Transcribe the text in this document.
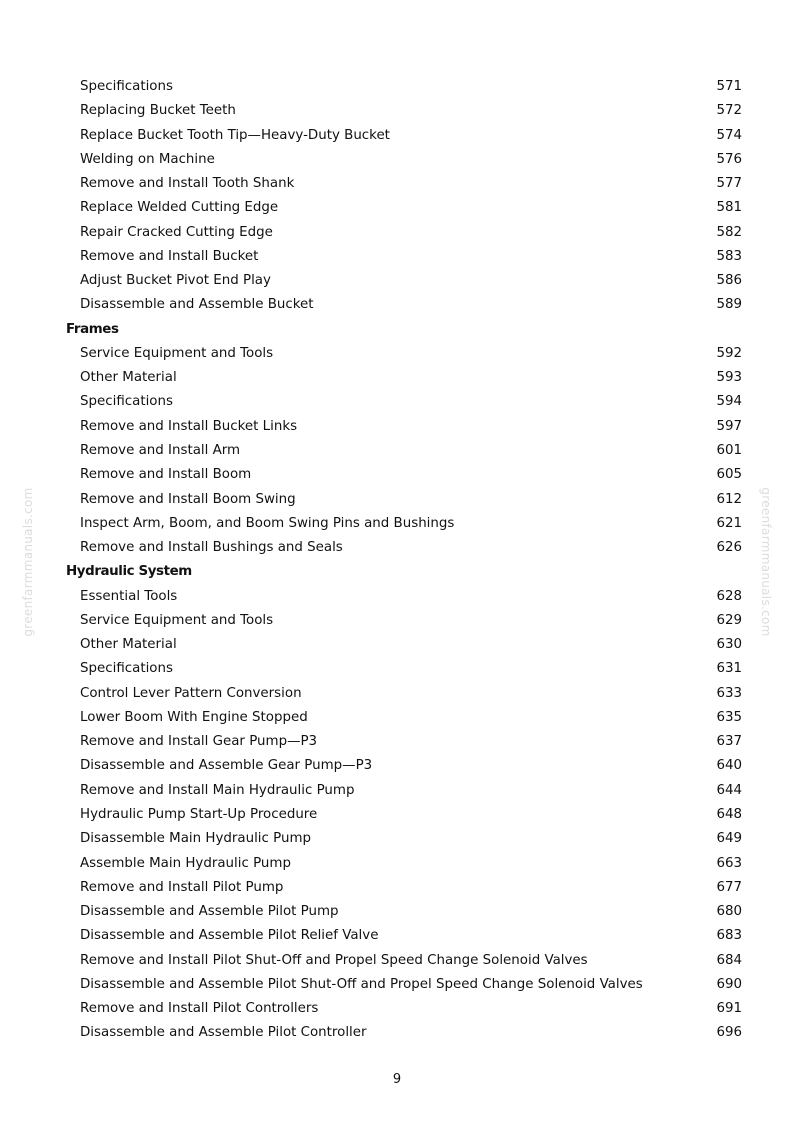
greenfarmmanuals.com	greenfarmmanuals.com
Specifications	571
Replacing Bucket Teeth	572
Replace Bucket Tooth Tip—Heavy-Duty Bucket	574
Welding on Machine	576
Remove and Install Tooth Shank	577
Replace Welded Cutting Edge	581
Repair Cracked Cutting Edge	582
Remove and Install Bucket	583
Adjust Bucket Pivot End Play	586
Disassemble and Assemble Bucket	589
Frames
Service Equipment and Tools	592
Other Material	593
Specifications	594
Remove and Install Bucket Links	597
Remove and Install Arm	601
Remove and Install Boom	605
Remove and Install Boom Swing	612
Inspect Arm, Boom, and Boom Swing Pins and Bushings	621
Remove and Install Bushings and Seals	626
Hydraulic System
Essential Tools	628
Service Equipment and Tools	629
Other Material	630
Specifications	631
Control Lever Pattern Conversion	633
Lower Boom With Engine Stopped	635
Remove and Install Gear Pump—P3	637
Disassemble and Assemble Gear Pump—P3	640
Remove and Install Main Hydraulic Pump	644
Hydraulic Pump Start-Up Procedure	648
Disassemble Main Hydraulic Pump	649
Assemble Main Hydraulic Pump	663
Remove and Install Pilot Pump	677
Disassemble and Assemble Pilot Pump	680
Disassemble and Assemble Pilot Relief Valve	683
Remove and Install Pilot Shut-Off and Propel Speed Change Solenoid Valves	684
Disassemble and Assemble Pilot Shut-Off and Propel Speed Change Solenoid Valves	690
Remove and Install Pilot Controllers	691
Disassemble and Assemble Pilot Controller	696
9
